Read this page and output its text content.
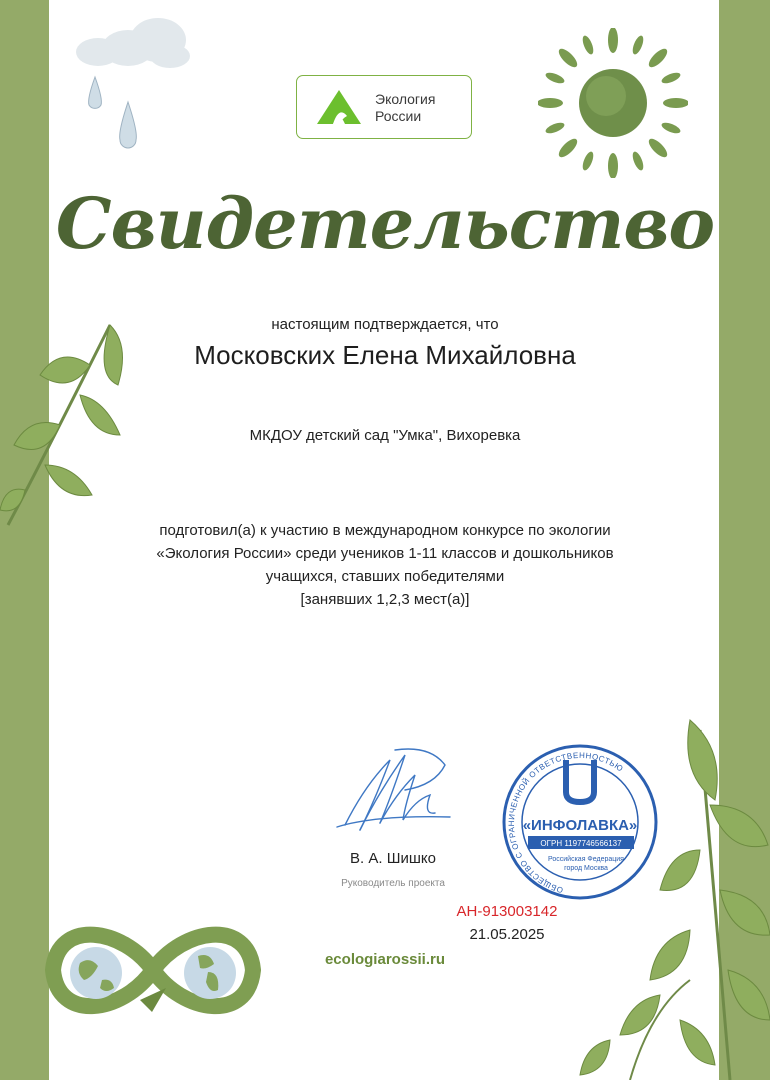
Экология
России
Свидетельство
настоящим подтверждается, что
Московских Елена Михайловна
МКДОУ детский сад "Умка", Вихоревка
подготовил(а) к участию в международном конкурсе по экологии
«Экология России» среди учеников 1-11 классов и дошкольников
учащихся, ставших победителями
[занявших 1,2,3 мест(а)]
ОБЩЕСТВО С ОГРАНИЧЕННОЙ ОТВЕТСТВЕННОСТЬЮ
«ИНФОЛАВКА»
ОГРН 1197746566137
Российская Федерация
город Москва
В. А. Шишко
Руководитель проекта
АН-913003142
21.05.2025
ecologiarossii.ru
